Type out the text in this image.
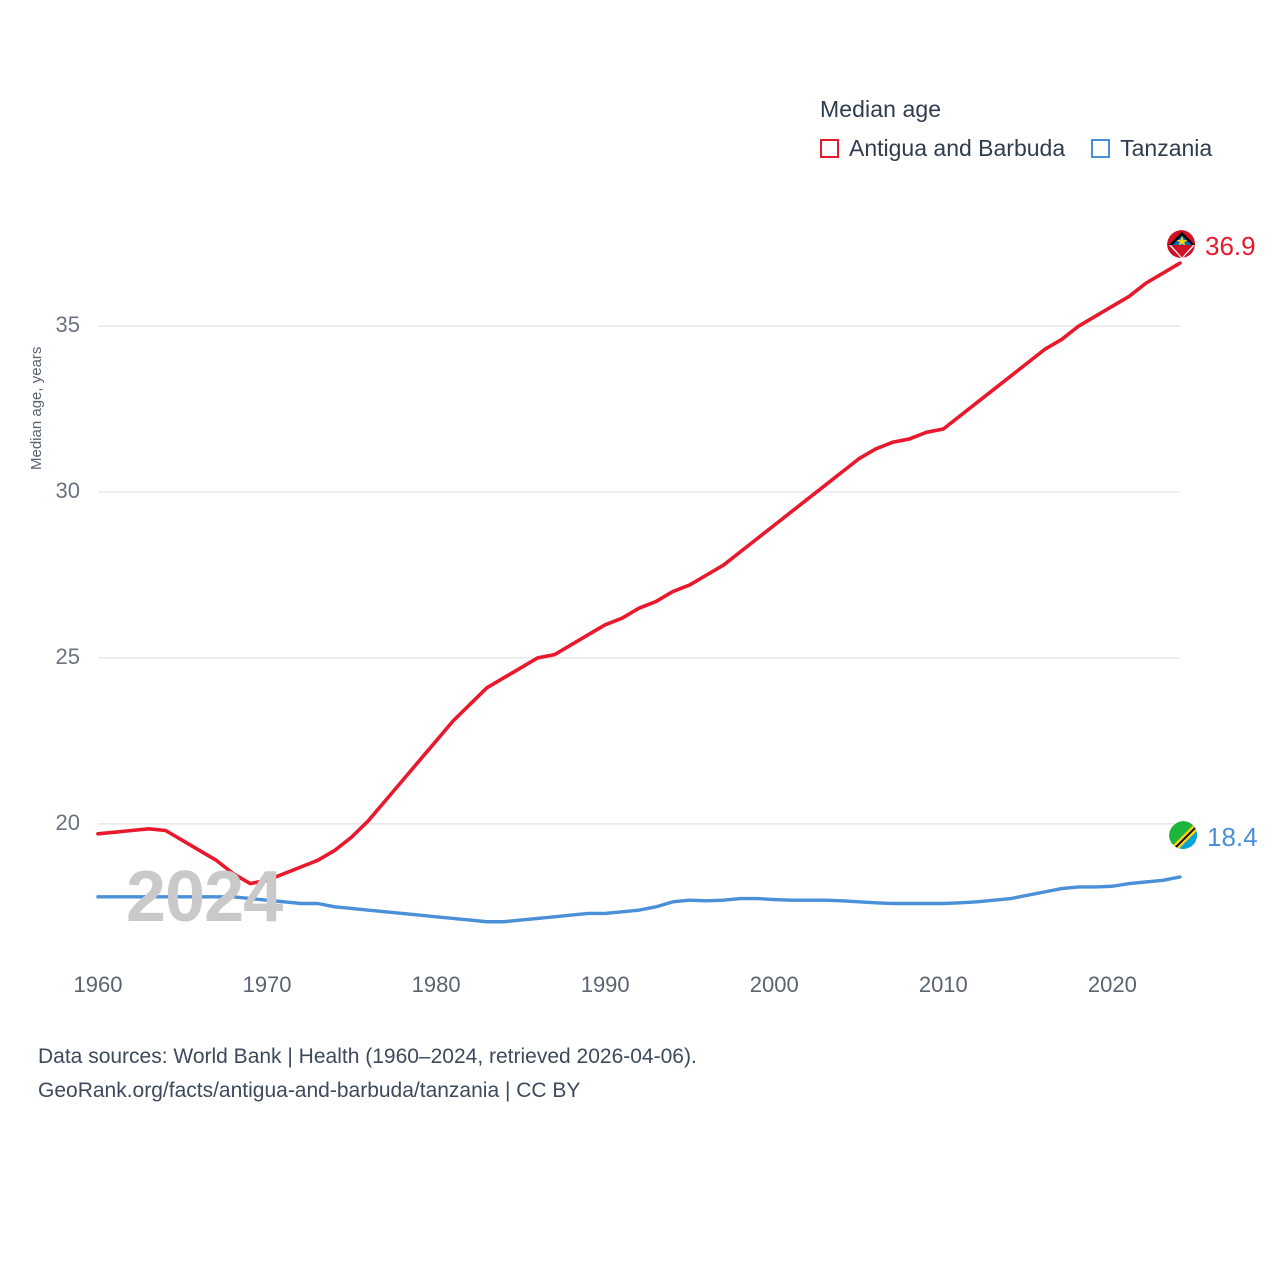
Median age
Antigua and Barbuda Tanzania
Median age, years
20
25
30
35
1960	1970	1980	1990	2000	2010	2020
2024
36.9
18.4
Data sources: World Bank | Health (1960–2024, retrieved 2026-04-06).
GeoRank.org/facts/antigua-and-barbuda/tanzania | CC BY
